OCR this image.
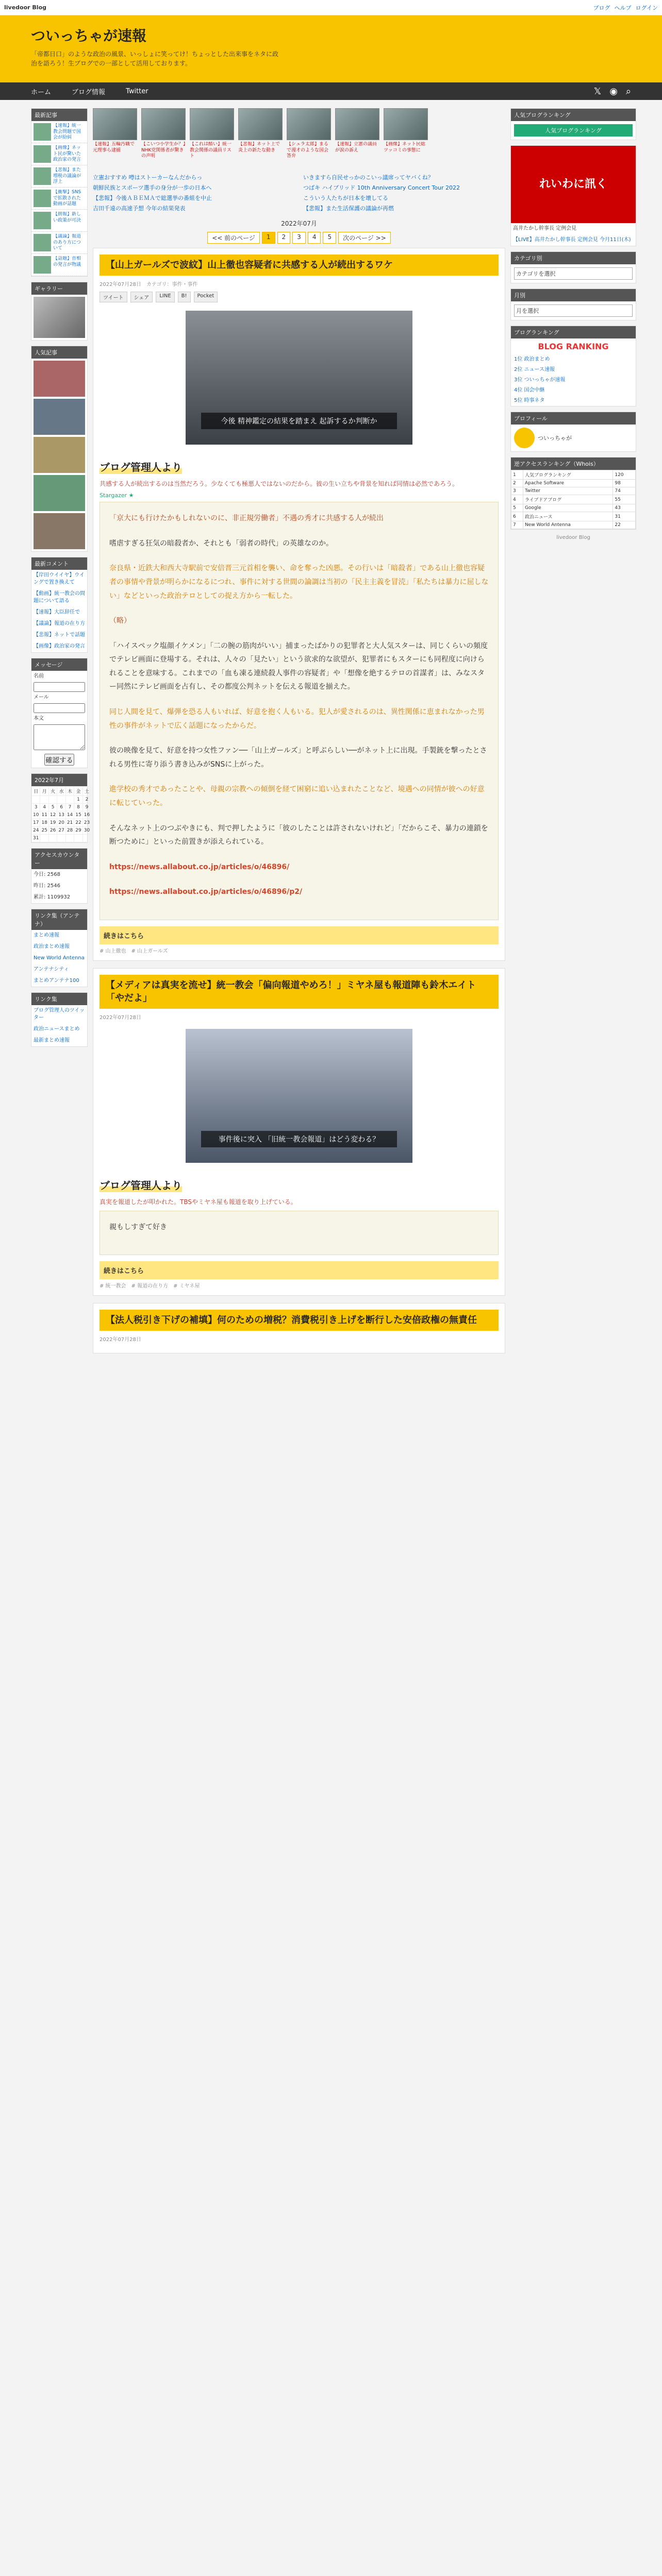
livedoor Blog	ブログ ヘルプ ログイン
ついっちゃが速報

「帝都日口」のような政治の風景、いっしょに笑ってけ！ちょっとした出来事をネタに政治を語ろう！生ブログでの一部として活用しております。

ホーム	ブログ情報	Twitter	𝕏 ◉ ⌕
最新記事
【速報】統一教会問題で国会が紛糾
【画像】ネット民が驚いた政治家の発言
【悲報】また増税の議論が浮上
【衝撃】SNSで拡散された動画が話題
【朗報】新しい政策が可決
【議論】報道のあり方について
【話題】首相の発言が物議
ギャラリー
人気記事
最新コメント
【岸田ウイイヤ】ウイングで置き換えて
【動画】統一教会の問題について語る
【速報】大臣辞任で
【議論】報道の在り方
【悲報】ネットで話題
【画像】政治家の発言
メッセージ
名前
メール
本文
確認する
2022年7月
日	月	火	水	木	金	土
					1	2
3	4	5	6	7	8	9
10	11	12	13	14	15	16
17	18	19	20	21	22	23
24	25	26	27	28	29	30
31						
アクセスカウンター
今日: 2568
昨日: 2546
累計: 1109932
リンク集（アンテナ）
まとめ速報
政治まとめ速報
New World Antenna
アンテナシティ
まとめアンテナ100
リンク集
ブログ管理人のツイッター
政治ニュースまとめ
最新まとめ速報
【速報】五輪汚職で元理事ら逮捕
【こいつ小学生か？】NHK党関係者が驚きの声明
【これは酷い】統一教会関係の議員リスト
【悲報】ネット上で炎上の新たな動き
【シュラ太郎】まるで漫才のような国会答弁
【速報】立憲の議員が涙の訴え
【画像】ネット民総ツッコミの事態に
立憲おすすめ 噂はストーカーなんだからっ	いきますら自民せっかのこいっ議席ってヤバくね？
朝鮮民族とスポーツ選手の身分が一歩の日本へ	つばキ ハイブリッド 10th Anniversary Concert Tour 2022
【悲報】今後ＡＢＥＭＡで総選挙の番組を中止	こういう人たちが日本を壊してる
吉田千遠の高速予想 今年の結果発表	【悲報】また生活保護の議論が再燃
2022年07月
<< 前のページ	1	2	3	4	5	次のページ >>
【山上ガールズで波紋】山上徹也容疑者に共感する人が続出するワケ
2022年07月28日　カテゴリ：事件・事件
ツイート	シェア	LINE	B!	Pocket
今後 精神鑑定の結果を踏まえ 起訴するか判断か
ブログ管理人より
共感する人が続出するのは当然だろう。少なくても極悪人ではないのだから。彼の生い立ちや背景を知れば同情は必然であろう。
Stargazer ★

「京大にも行けたかもしれないのに、非正規労働者」不遇の秀才に共感する人が続出

嗜虐すぎる狂気の暗殺者か、それとも「弱者の時代」の英雄なのか。

奈良県・近鉄大和西大寺駅前で安倍晋三元首相を襲い、命を奪った凶悪。その行いは「暗殺者」である山上徹也容疑者の事情や背景が明らかになるにつれ、事件に対する世間の論調は当初の「民主主義を冒涜」「私たちは暴力に屈しない」などといった政治テロとしての捉え方から一転した。

（略）

「ハイスペック塩顔イケメン」「二の腕の筋肉がいい」捕まったばかりの犯罪者と大人気スターは、同じくらいの頻度でテレビ画面に登場する。それは、人々の「見たい」という欲求的な欲望が、犯罪者にもスターにも同程度に向けられることを意味する。これまでの「血も凍る連続殺人事件の容疑者」や「想像を絶するテロの首謀者」は、みなスター同然にテレビ画面を占有し、その都度公判ネットを伝える報道を揃えた。

同じ人間を見て、爆弾を恐る人もいれば、好意を抱く人もいる。犯人が愛されるのは、異性関係に恵まれなかった男性の事件がネットで広く話題になったからだ。

彼の映像を見て、好意を持つ女性ファン──「山上ガールズ」と呼ぶらしい──がネット上に出現。手製銃を撃ったとされる男性に寄り添う書き込みがSNSに上がった。

進学校の秀才であったことや、母親の宗教への傾倒を経て困窮に追い込まれたことなど、境遇への同情が彼への好意に転じていった。

そんなネット上のつぶやきにも、判で押したように「彼のしたことは許されないけれど」「だからこそ、暴力の連鎖を断つために」といった前置きが添えられている。

https://news.allabout.co.jp/articles/o/46896/

https://news.allabout.co.jp/articles/o/46896/p2/

続きはこちら
# 山上徹也　# 山上ガールズ
【メディアは真実を流せ】統一教会「偏向報道やめろ！」ミヤネ屋も報道陣も鈴木エイト「やだよ」
2022年07月28日
事件後に突入 「旧統一教会報道」はどう変わる？
ブログ管理人より
真実を報道したが叩かれた。TBSやミヤネ屋も報道を取り上げている。

親もしすぎて好き

続きはこちら
# 統一教会　# 報道の在り方　# ミヤネ屋
【法人税引き下げの補填】何のための増税？消費税引き上げを断行した安倍政権の無責任
2022年07月28日
人気ブログランキング
人気ブログランキング
れいわに訊く
高井たかし幹事長 定例会見
【LIVE】高井たかし幹事長 定例会見 今月11日(木)
カテゴリ別
カテゴリを選択
月別
月を選択
ブログランキング
BLOG RANKING
1位 政治まとめ
2位 ニュース速報
3位 ついっちゃが速報
4位 国会中継
5位 時事ネタ
プロフィール
ついっちゃが
逆アクセスランキング（Whois）
1	人気ブログランキング	120
2	Apache Software	98
3	Twitter	74
4	ライブドアブログ	55
5	Google	43
6	政治ニュース	31
7	New World Antenna	22
livedoor Blog
